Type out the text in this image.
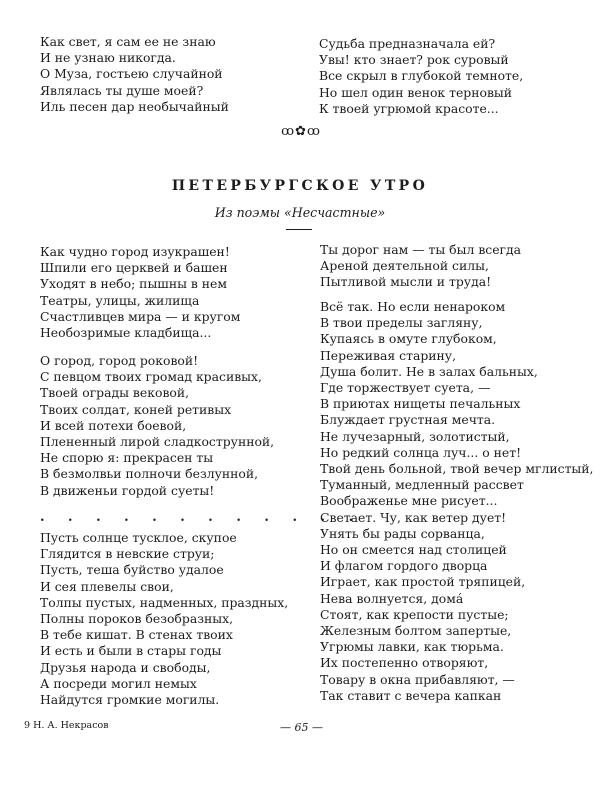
Как свет, я сам ее не знаю
И не узнаю никогда.
О Муза, гостьею случайной
Являлась ты душе моей?
Иль песен дар необычайный
Судьба предназначала ей?
Увы! кто знает? рок суровый
Все скрыл в глубокой темноте,
Но шел один венок терновый
К твоей угрюмой красоте...
ꝏ✿ꝏ
ПЕТЕРБУРГСКОЕ УТРО
Из поэмы «Несчастные»
Как чудно город изукрашен!
Шпили его церквей и башен
Уходят в небо; пышны в нем
Театры, улицы, жилища
Счастливцев мира — и кругом
Необозримые кладбища...
О город, город роковой!
С певцом твоих громад красивых,
Твоей ограды вековой,
Твоих солдат, коней ретивых
И всей потехи боевой,
Плененный лирой сладкострунной,
Не спорю я: прекрасен ты
В безмолвьи полночи безлунной,
В движеньи гордой суеты!
. . . . . . . . . . . .
Пусть солнце тусклое, скупое
Глядится в невские струи;
Пусть, теша буйство удалое
И сея плевелы свои,
Толпы пустых, надменных, праздных,
Полны пороков безобразных,
В тебе кишат. В стенах твоих
И есть и были в стары годы
Друзья народа и свободы,
А посреди могил немых
Найдутся громкие могилы.
Ты дорог нам — ты был всегда
Ареной деятельной силы,
Пытливой мысли и труда!
Всё так. Но если ненароком
В твои пределы загляну,
Купаясь в омуте глубоком,
Переживая старину,
Душа болит. Не в залах бальных,
Где торжествует суета, —
В приютах нищеты печальных
Блуждает грустная мечта.
Не лучезарный, золотистый,
Но редкий солнца луч... о нет!
Твой день больной, твой вечер мглистый,
Туманный, медленный рассвет
Воображенье мне рисует...
Светает. Чу, как ветер дует!
Унять бы рады сорванца,
Но он смеется над столицей
И флагом гордого дворца
Играет, как простой тряпицей,
Нева волнуется, домá
Стоят, как крепости пустые;
Железным болтом запертые,
Угрюмы лавки, как тюрьма.
Их постепенно отворяют,
Товару в окна прибавляют, —
Так ставит с вечера капкан
9 Н. А. Некрасов	— 65 —
